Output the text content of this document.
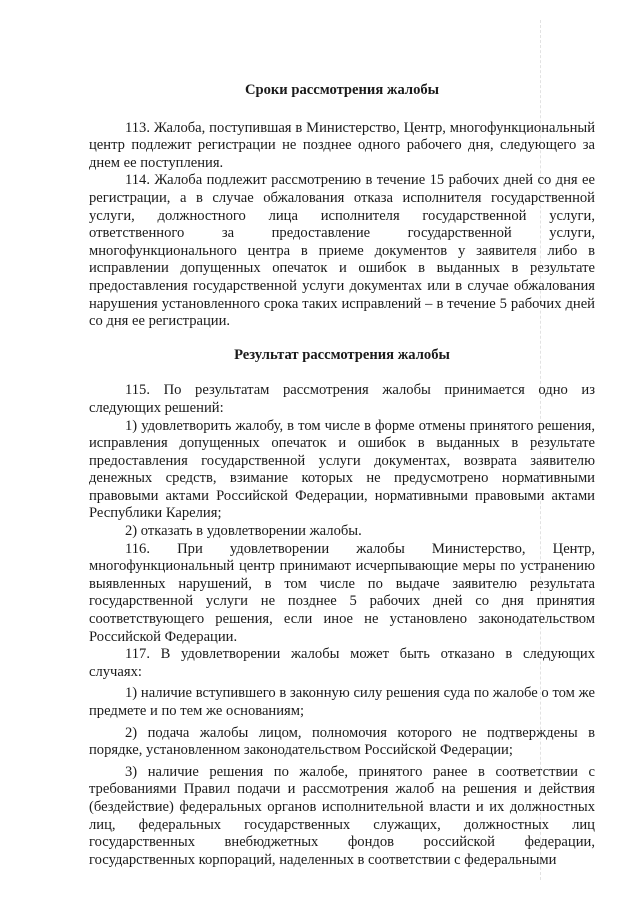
Сроки рассмотрения жалобы

113. Жалоба, поступившая в Министерство, Центр, многофункциональный центр подлежит регистрации не позднее одного рабочего дня, следующего за днем ее поступления.

114. Жалоба подлежит рассмотрению в течение 15 рабочих дней со дня ее регистрации, а в случае обжалования отказа исполнителя государственной услуги, должностного лица исполнителя государственной услуги, ответственного за предоставление государственной услуги, многофункционального центра в приеме документов у заявителя либо в исправлении допущенных опечаток и ошибок в выданных в результате предоставления государственной услуги документах или в случае обжалования нарушения установленного срока таких исправлений – в течение 5 рабочих дней со дня ее регистрации.

Результат рассмотрения жалобы

115. По результатам рассмотрения жалобы принимается одно из следующих решений:

1) удовлетворить жалобу, в том числе в форме отмены принятого решения, исправления допущенных опечаток и ошибок в выданных в результате предоставления государственной услуги документах, возврата заявителю денежных средств, взимание которых не предусмотрено нормативными правовыми актами Российской Федерации, нормативными правовыми актами Республики Карелия;

2) отказать в удовлетворении жалобы.

116. При удовлетворении жалобы Министерство, Центр, многофункциональный центр принимают исчерпывающие меры по устранению выявленных нарушений, в том числе по выдаче заявителю результата государственной услуги не позднее 5 рабочих дней со дня принятия соответствующего решения, если иное не установлено законодательством Российской Федерации.

117. В удовлетворении жалобы может быть отказано в следующих случаях:

1) наличие вступившего в законную силу решения суда по жалобе о том же предмете и по тем же основаниям;

2) подача жалобы лицом, полномочия которого не подтверждены в порядке, установленном законодательством Российской Федерации;

3) наличие решения по жалобе, принятого ранее в соответствии с требованиями Правил подачи и рассмотрения жалоб на решения и действия (бездействие) федеральных органов исполнительной власти и их должностных лиц, федеральных государственных служащих, должностных лиц государственных внебюджетных фондов российской федерации, государственных корпораций, наделенных в соответствии с федеральными
